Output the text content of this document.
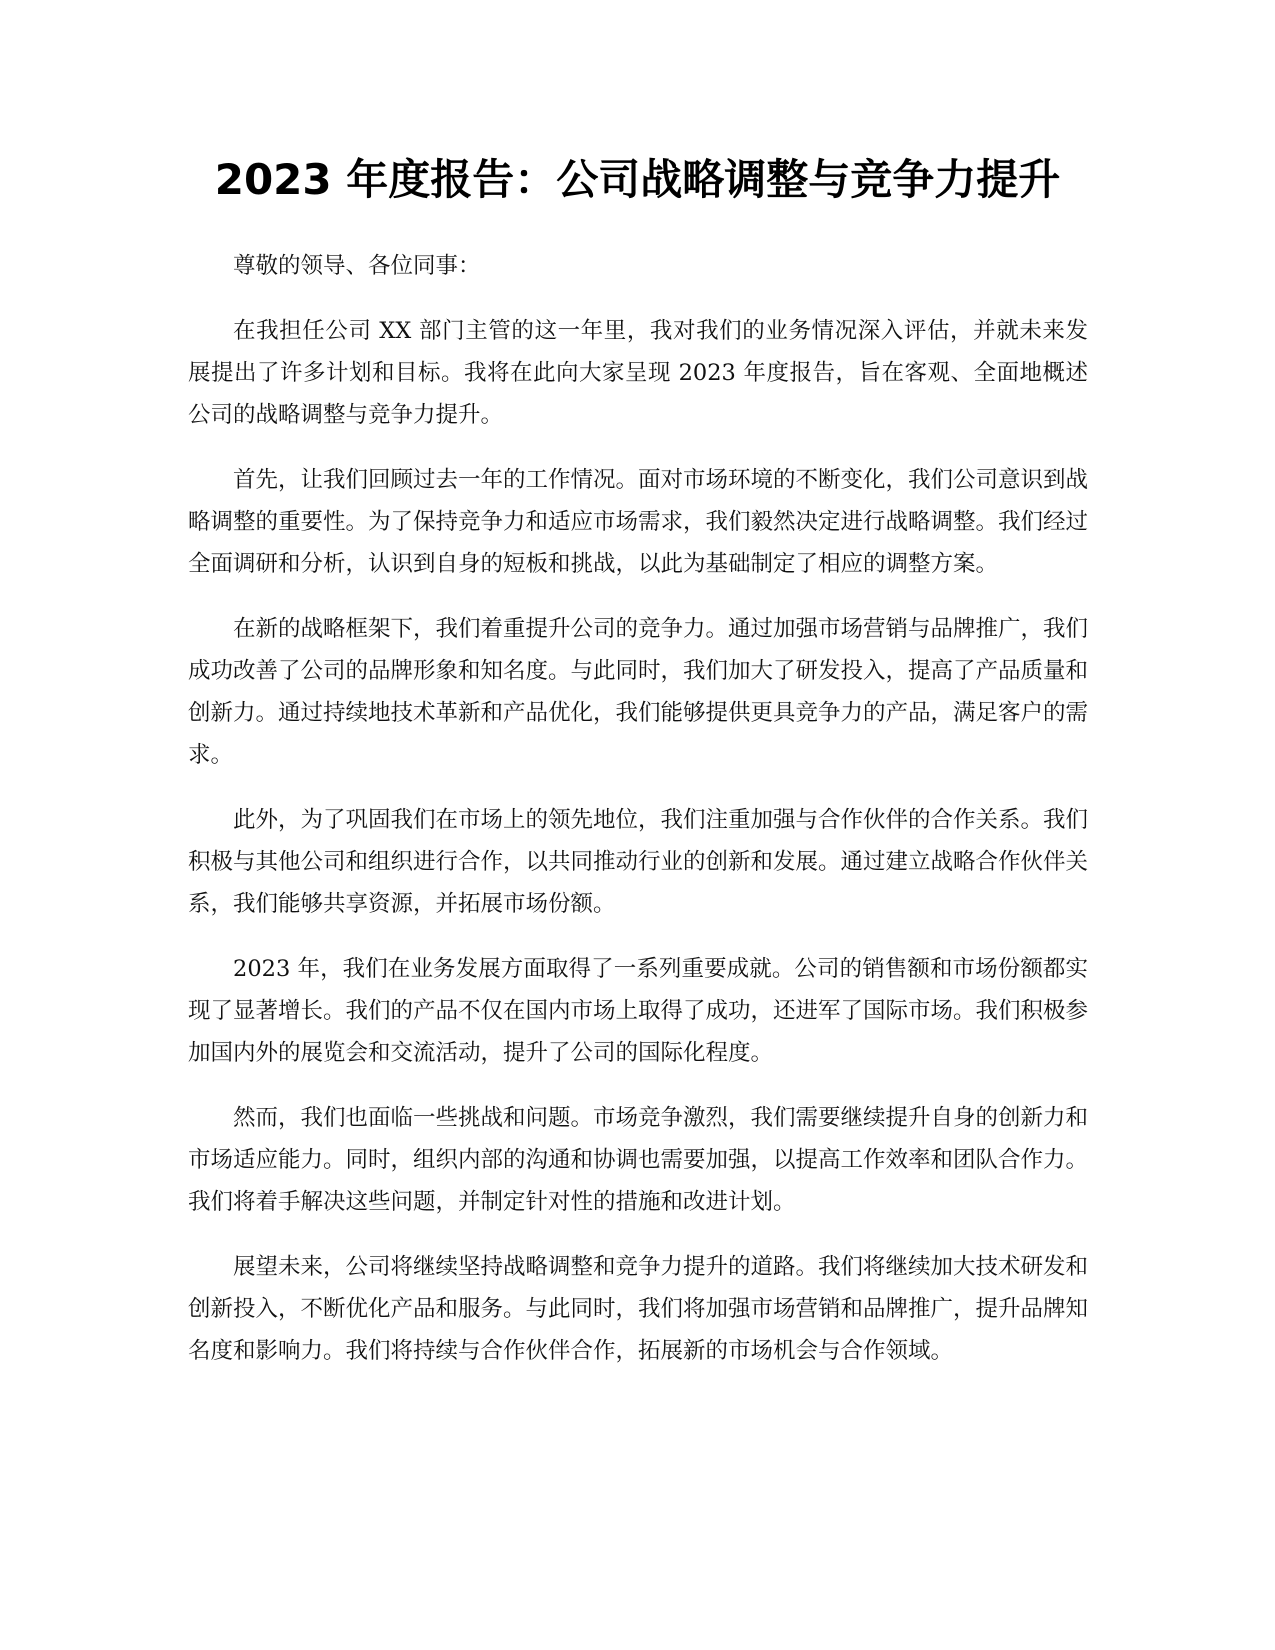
2023 年度报告：公司战略调整与竞争力提升

尊敬的领导、各位同事：

在我担任公司 XX 部门主管的这一年里，我对我们的业务情况深入评估，并就未来发展提出了许多计划和目标。我将在此向大家呈现 2023 年度报告，旨在客观、全面地概述公司的战略调整与竞争力提升。

首先，让我们回顾过去一年的工作情况。面对市场环境的不断变化，我们公司意识到战略调整的重要性。为了保持竞争力和适应市场需求，我们毅然决定进行战略调整。我们经过全面调研和分析，认识到自身的短板和挑战，以此为基础制定了相应的调整方案。

在新的战略框架下，我们着重提升公司的竞争力。通过加强市场营销与品牌推广，我们成功改善了公司的品牌形象和知名度。与此同时，我们加大了研发投入，提高了产品质量和创新力。通过持续地技术革新和产品优化，我们能够提供更具竞争力的产品，满足客户的需求。

此外，为了巩固我们在市场上的领先地位，我们注重加强与合作伙伴的合作关系。我们积极与其他公司和组织进行合作，以共同推动行业的创新和发展。通过建立战略合作伙伴关系，我们能够共享资源，并拓展市场份额。

2023 年，我们在业务发展方面取得了一系列重要成就。公司的销售额和市场份额都实现了显著增长。我们的产品不仅在国内市场上取得了成功，还进军了国际市场。我们积极参加国内外的展览会和交流活动，提升了公司的国际化程度。

然而，我们也面临一些挑战和问题。市场竞争激烈，我们需要继续提升自身的创新力和市场适应能力。同时，组织内部的沟通和协调也需要加强，以提高工作效率和团队合作力。我们将着手解决这些问题，并制定针对性的措施和改进计划。

展望未来，公司将继续坚持战略调整和竞争力提升的道路。我们将继续加大技术研发和创新投入，不断优化产品和服务。与此同时，我们将加强市场营销和品牌推广，提升品牌知名度和影响力。我们将持续与合作伙伴合作，拓展新的市场机会与合作领域。
